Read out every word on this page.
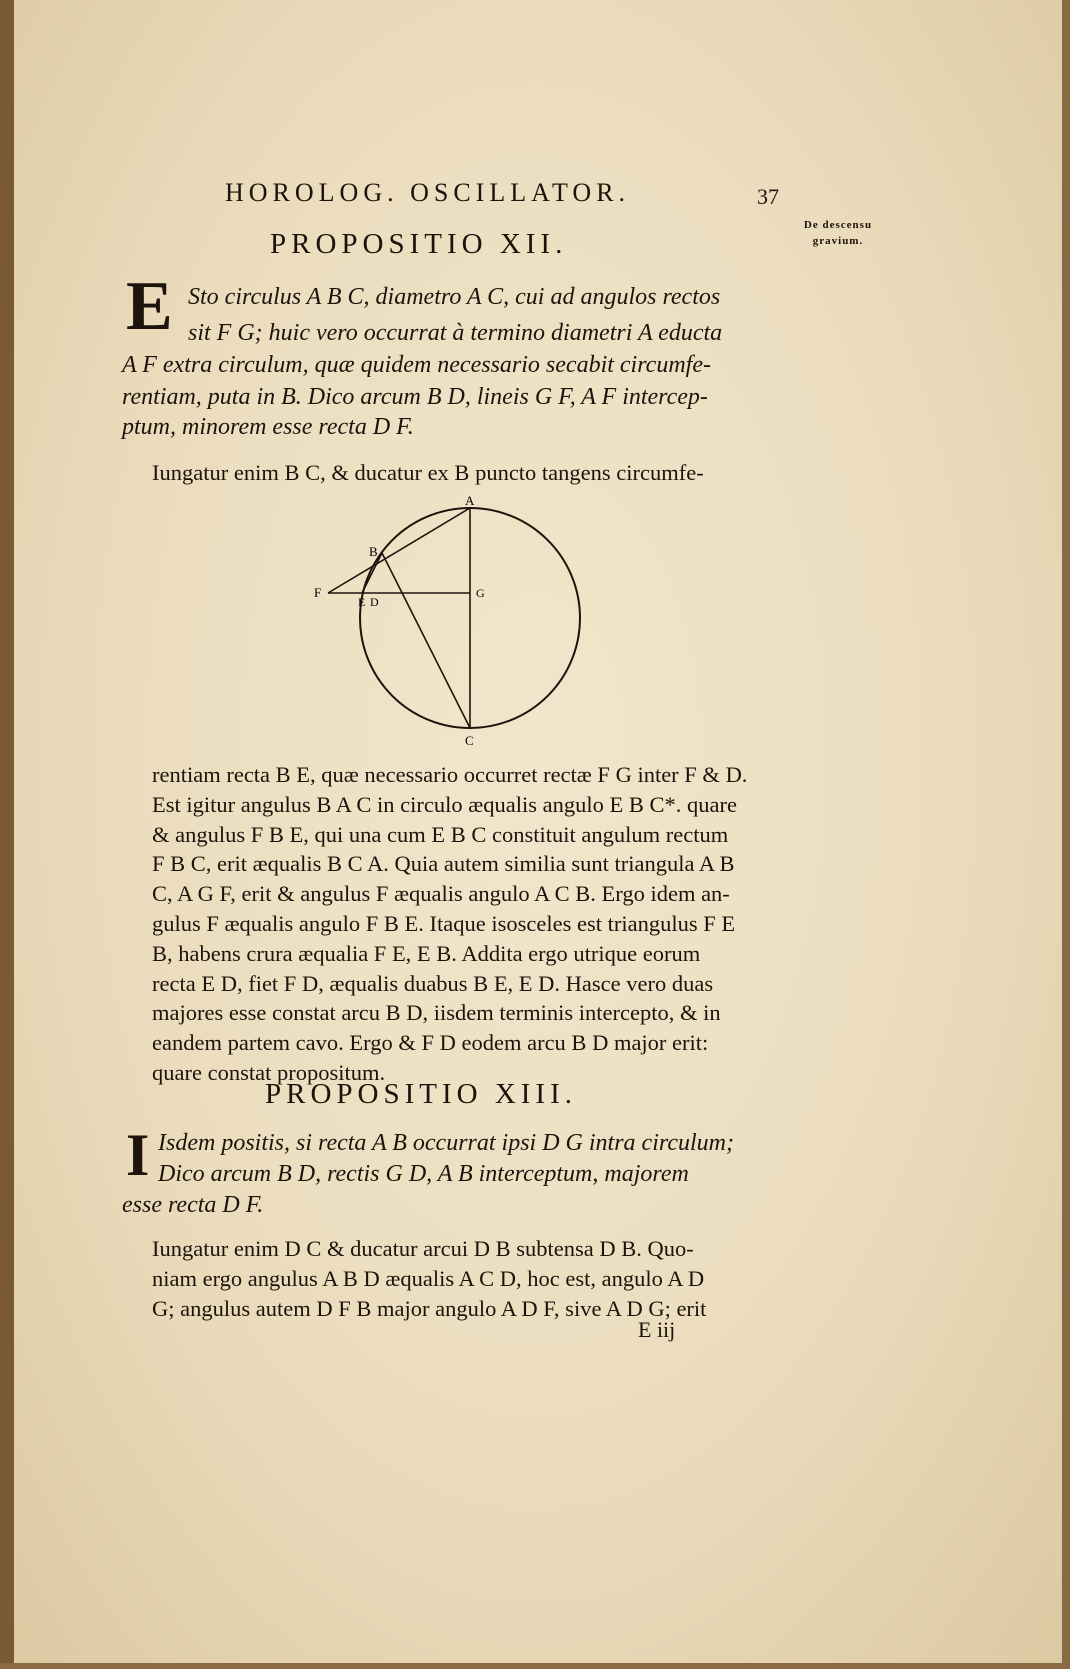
HOROLOG. OSCILLATOR.	37
De descensu
gravium.
PROPOSITIO XII.
E Sto circulus A B C, diametro A C, cui ad angulos rectos
sit F G; huic vero occurrat à termino diametri A educta
A F extra circulum, quæ quidem necessario secabit circumfe-
rentiam, puta in B. Dico arcum B D, lineis G F, A F intercep-
ptum, minorem esse recta D F.
Iungatur enim B C, & ducatur ex B puncto tangens circumfe-
A
B
C
D
E
F	G
rentiam recta B E, quæ necessario occurret rectæ F G inter F & D.
Est igitur angulus B A C in circulo æqualis angulo E B C*. quare
& angulus F B E, qui una cum E B C constituit angulum rectum
F B C, erit æqualis B C A. Quia autem similia sunt triangula A B
C, A G F, erit & angulus F æqualis angulo A C B. Ergo idem an-
gulus F æqualis angulo F B E. Itaque isosceles est triangulus F E
B, habens crura æqualia F E, E B. Addita ergo utrique eorum
recta E D, fiet F D, æqualis duabus B E, E D. Hasce vero duas
majores esse constat arcu B D, iisdem terminis intercepto, & in
eandem partem cavo. Ergo & F D eodem arcu B D major erit:
quare constat propositum.
PROPOSITIO XIII.
I Isdem positis, si recta A B occurrat ipsi D G intra circulum;
Dico arcum B D, rectis G D, A B interceptum, majorem
esse recta D F.
Iungatur enim D C & ducatur arcui D B subtensa D B. Quo-
niam ergo angulus A B D æqualis A C D, hoc est, angulo A D
G; angulus autem D F B major angulo A D F, sive A D G; erit
E iij
